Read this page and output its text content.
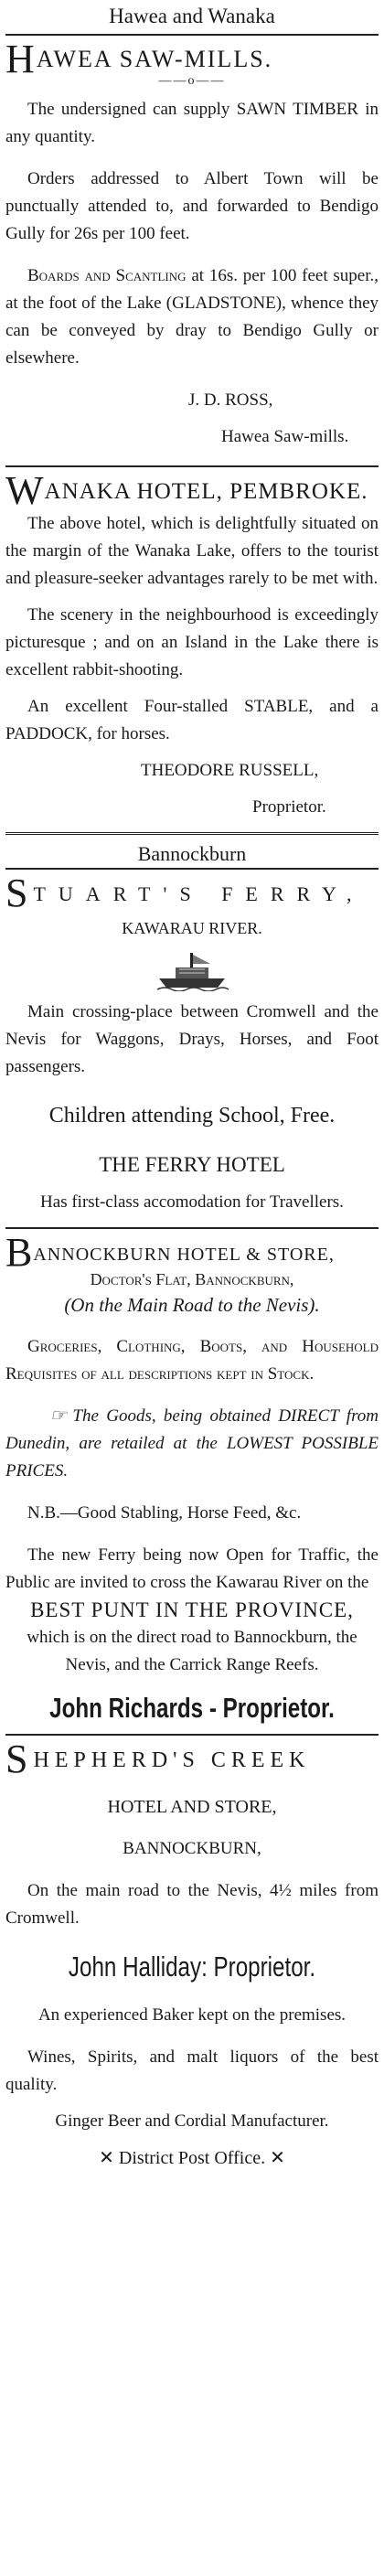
Hawea and Wanaka
HAWEA SAW-MILLS.
——o——

The undersigned can supply SAWN TIMBER in any quantity.

Orders addressed to Albert Town will be punctually attended to, and forwarded to Bendigo Gully for 26s per 100 feet.

Boards and Scantling at 16s. per 100 feet super., at the foot of the Lake (GLADSTONE), whence they can be conveyed by dray to Bendigo Gully or elsewhere.

J. D. ROSS,

Hawea Saw-mills.

WANAKA HOTEL, PEMBROKE.

The above hotel, which is delightfully situated on the margin of the Wanaka Lake, offers to the tourist and pleasure-seeker advantages rarely to be met with.

The scenery in the neighbourhood is exceedingly picturesque ; and on an Island in the Lake there is excellent rabbit-shooting.

An excellent Four-stalled STABLE, and a PADDOCK, for horses.

THEODORE RUSSELL,

Proprietor.

Bannockburn
STUART'S FERRY,

KAWARAU RIVER.

Main crossing-place between Cromwell and the Nevis for Waggons, Drays, Horses, and Foot passengers.

Children attending School, Free.

THE FERRY HOTEL

Has first-class accomodation for Travellers.

BANNOCKBURN HOTEL & STORE,

Doctor's Flat, Bannockburn,

(On the Main Road to the Nevis).

Groceries, Clothing, Boots, and Household Requisites of all descriptions kept in Stock.

☞ The Goods, being obtained DIRECT from Dunedin, are retailed at the LOWEST POSSIBLE PRICES.

N.B.—Good Stabling, Horse Feed, &c.

The new Ferry being now Open for Traffic, the Public are invited to cross the Kawarau River on the

BEST PUNT IN THE PROVINCE,

which is on the direct road to Bannockburn, the Nevis, and the Carrick Range Reefs.

John Richards - Proprietor.
SHEPHERD'S CREEK

HOTEL AND STORE,

BANNOCKBURN,

On the main road to the Nevis, 4½ miles from Cromwell.

John Halliday: Proprietor.

An experienced Baker kept on the premises.

Wines, Spirits, and malt liquors of the best quality.

Ginger Beer and Cordial Manufacturer.

✕ District Post Office. ✕
